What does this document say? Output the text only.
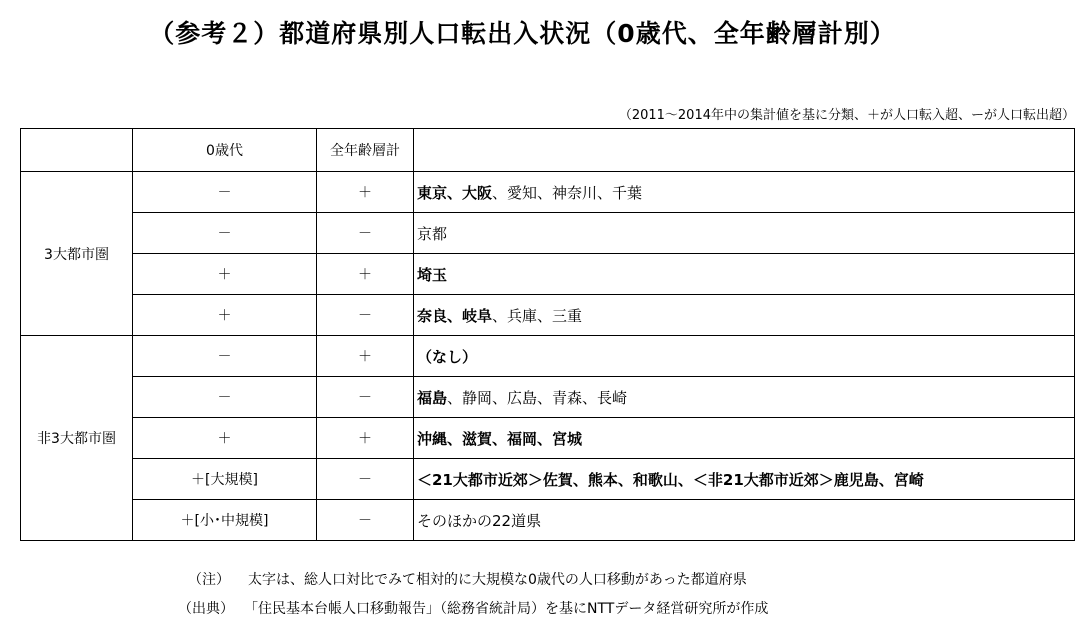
（参考２）都道府県別人口転出入状況（0歳代、全年齢層計別）
（2011～2014年中の集計値を基に分類、＋が人口転入超、ーが人口転出超）
	0歳代	全年齢層計	
3大都市圏	－	＋	東京、大阪、愛知、神奈川、千葉
	－	－	京都
	＋	＋	埼玉
	＋	－	奈良、岐阜、兵庫、三重
非3大都市圏	－	＋	（なし）
	－	－	福島、静岡、広島、青森、長崎
	＋	＋	沖縄、滋賀、福岡、宮城
	＋[大規模]	－	＜21大都市近郊＞佐賀、熊本、和歌山、＜非21大都市近郊＞鹿児島、宮崎
	＋[小･中規模]	－	そのほかの22道県
（注） 太字は、総人口対比でみて相対的に大規模な0歳代の人口移動があった都道府県
（出典） 「住民基本台帳人口移動報告」（総務省統計局）を基にNTTデータ経営研究所が作成
